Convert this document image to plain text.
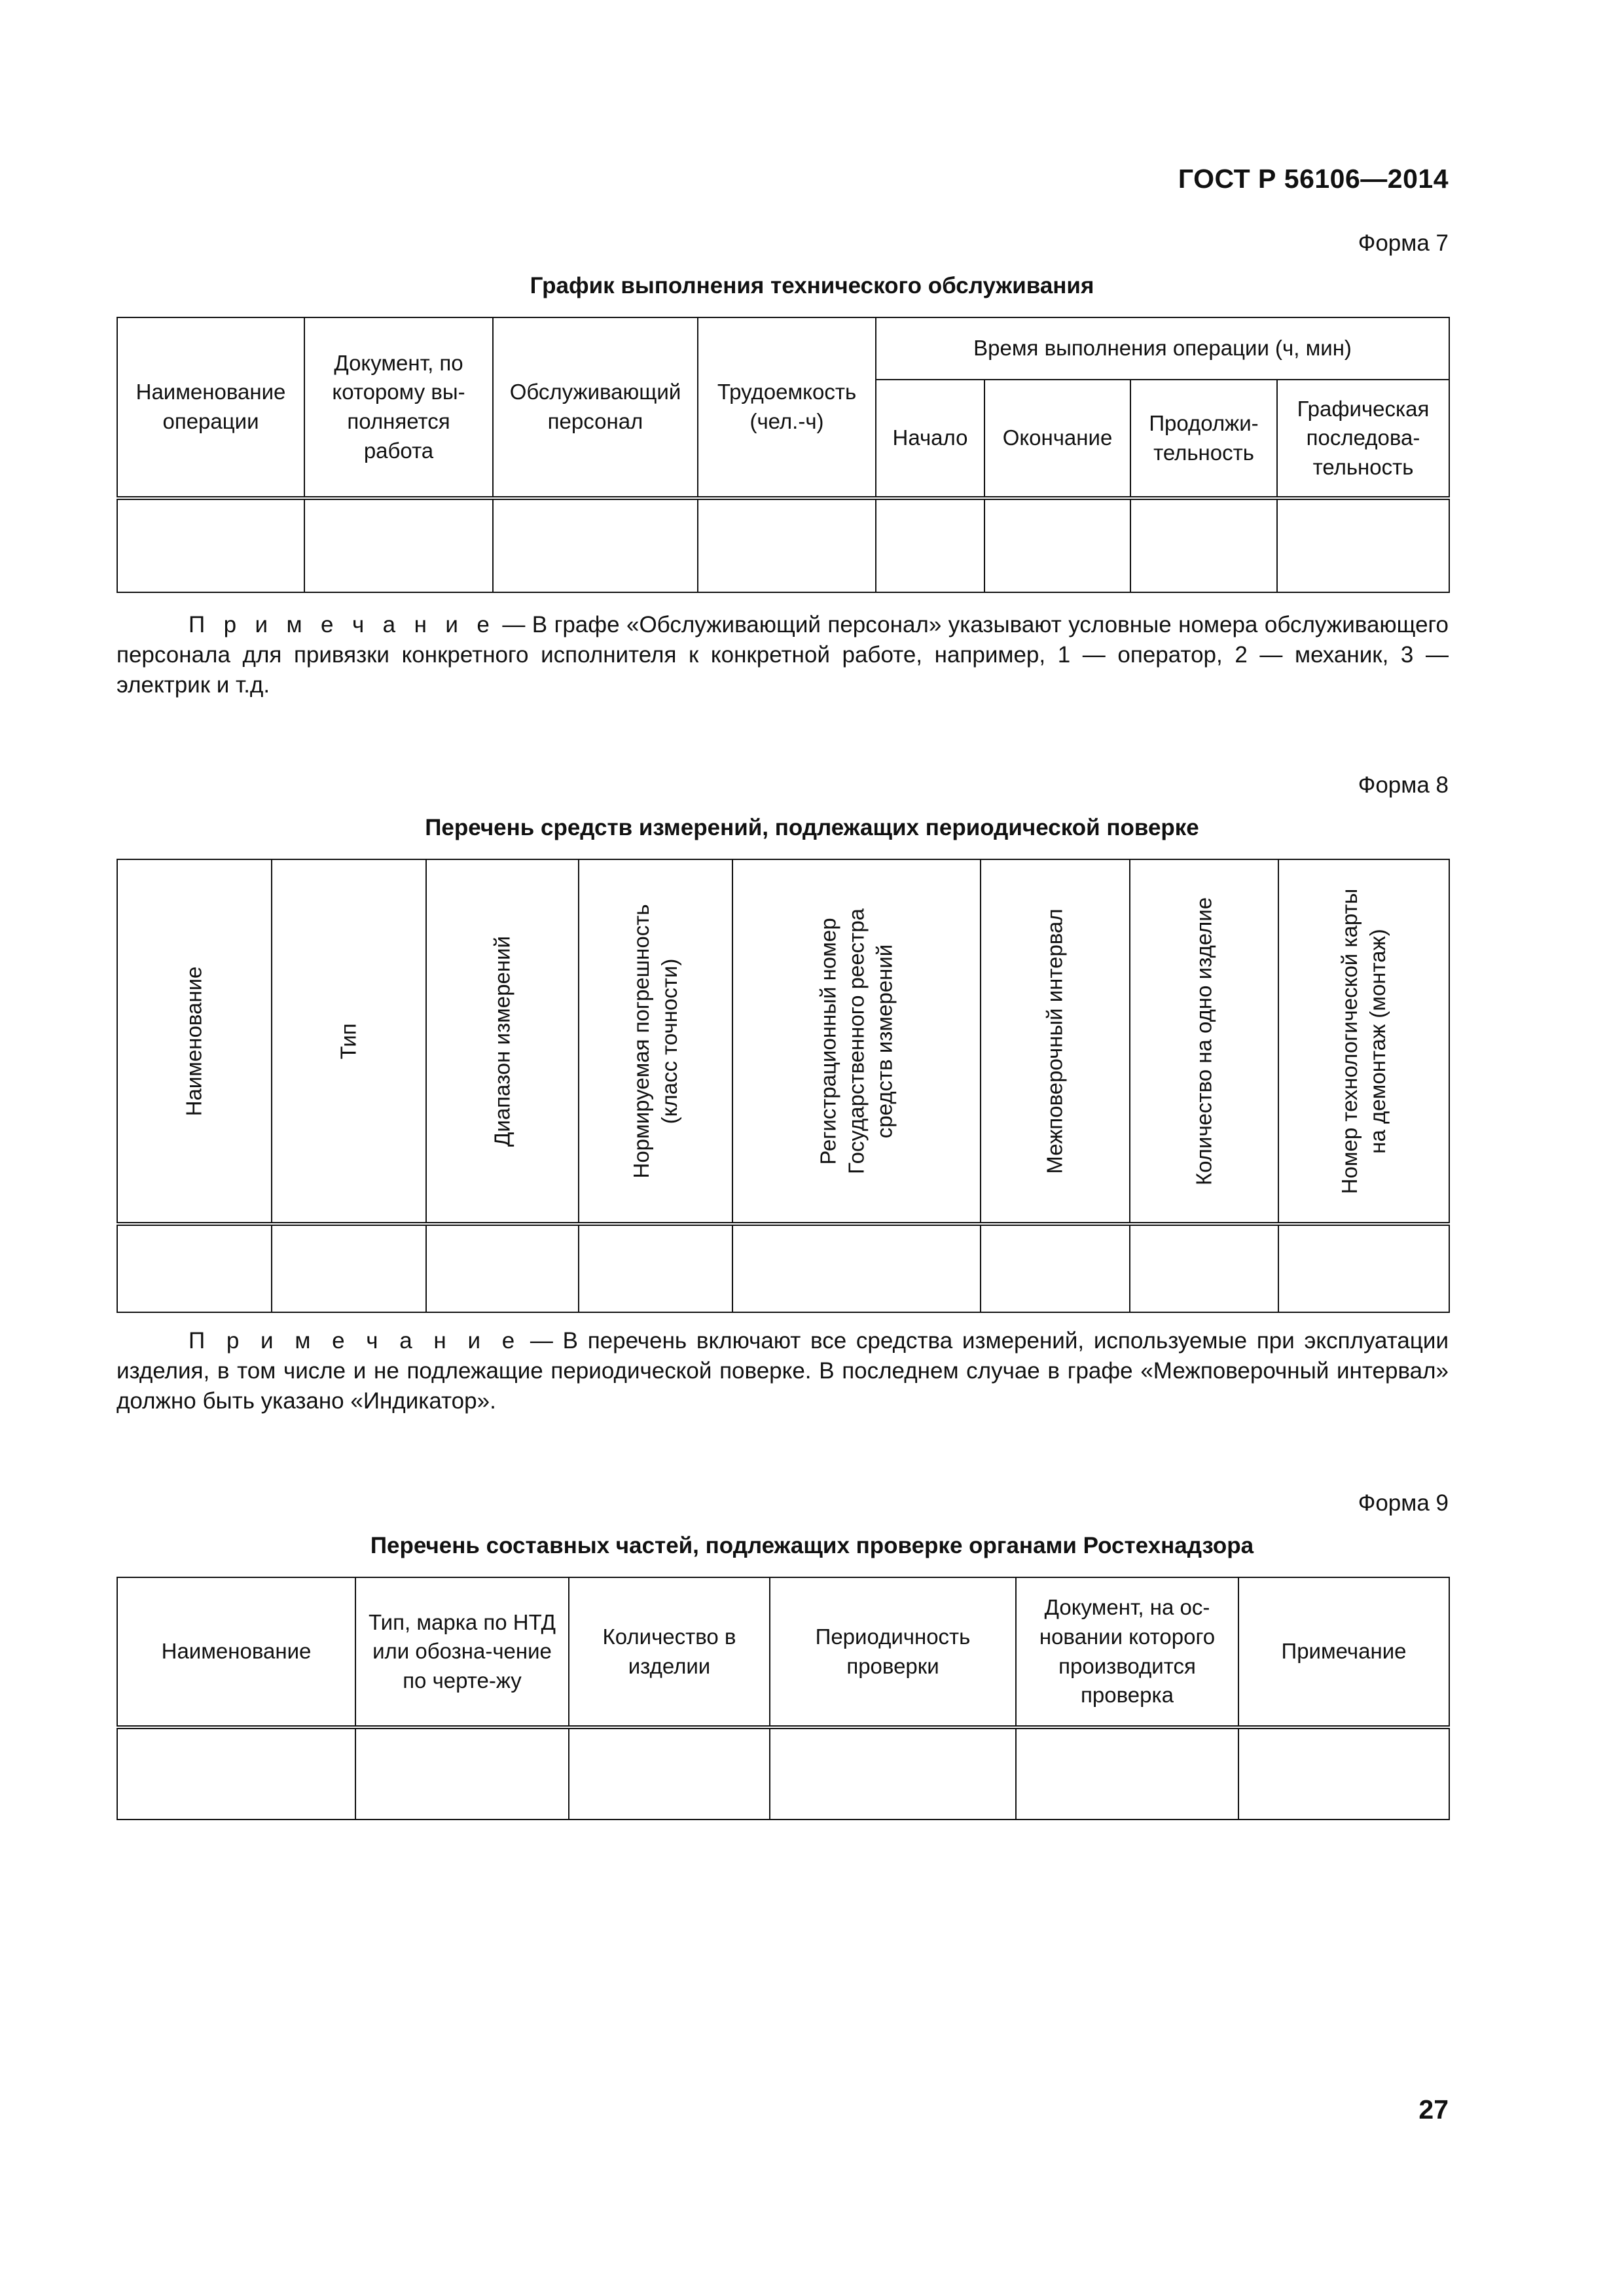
ГОСТ Р 56106—2014
Форма 7
График выполнения технического обслуживания
Наименование операции	Документ, по которому вы-полняется работа	Обслуживающий персонал	Трудоемкость (чел.-ч)	Время выполнения операции (ч, мин)			
				Начало	Окончание	Продолжи-тельность	Графическая последова-тельность

П р и м е ч а н и е — В графе «Обслуживающий персонал» указывают условные номера обслуживающего персонала для привязки конкретного исполнителя к конкретной работе, например, 1 — оператор, 2 — механик, 3 — электрик и т.д.
Форма 8
Перечень средств измерений, подлежащих периодической поверке
Наименование	Тип	Диапазон измерений	Нормируемая погрешность (класс точности)	Регистрационный номер Государственного реестра средств измерений	Межповерочный интервал	Количество на одно изделие	Номер технологической карты на демонтаж (монтаж)

П р и м е ч а н и е — В перечень включают все средства измерений, используемые при эксплуатации изделия, в том числе и не подлежащие периодической поверке. В последнем случае в графе «Межповерочный интервал» должно быть указано «Индикатор».
Форма 9
Перечень составных частей, подлежащих проверке органами Ростехнадзора
Наименование	Тип, марка по НТД или обозна-чение по черте-жу	Количество в изделии	Периодичность проверки	Документ, на ос-новании которого производится проверка	Примечание

27
